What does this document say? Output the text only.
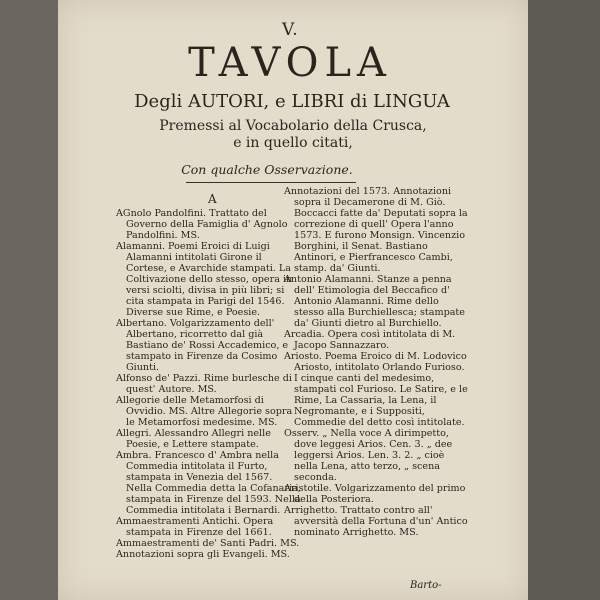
V.
TAVOLA
Degli AUTORI, e LIBRI di LINGUA
Premessi al Vocabolario della Crusca,
e in quello citati,
Con qualche Osservazione.
A

AGnolo Pandolfini. Trattato del Governo della Famiglia d' Agnolo Pandolfini. MS.

Alamanni. Poemi Eroici di Luigi Alamanni intitolati Girone il Cortese, e Avarchide stampati. La Coltivazione dello stesso, opera in versi sciolti, divisa in più libri; si cita stampata in Parigi del 1546. Diverse sue Rime, e Poesie.

Albertano. Volgarizzamento dell' Albertano, ricorretto dal già Bastiano de' Rossi Accademico, e stampato in Firenze da Cosimo Giunti.

Alfonso de' Pazzi. Rime burlesche di quest' Autore. MS.

Allegorie delle Metamorfosi di Ovvidio. MS. Altre Allegorie sopra le Metamorfosi medesime. MS.

Allegri. Alessandro Allegri nelle Poesie, e Lettere stampate.

Ambra. Francesco d' Ambra nella Commedia intitolata il Furto, stampata in Venezia del 1567. Nella Commedia detta la Cofanaria, stampata in Firenze del 1593. Nella Commedia intitolata i Bernardi.

Ammaestramenti Antichi. Opera stampata in Firenze del 1661.

Ammaestramenti de' Santi Padri. MS.

Annotazioni sopra gli Evangeli. MS.

Annotazioni del 1573. Annotazioni sopra il Decamerone di M. Giò. Boccacci fatte da' Deputati sopra la correzione di quell' Opera l'anno 1573. E furono Monsign. Vincenzio Borghini, il Senat. Bastiano Antinori, e Pierfrancesco Cambi, stamp. da' Giunti.

Antonio Alamanni. Stanze a penna dell' Etimologia del Beccafico d' Antonio Alamanni. Rime dello stesso alla Burchiellesca; stampate da' Giunti dietro al Burchiello.

Arcadia. Opera così intitolata di M. Jacopo Sannazzaro.

Ariosto. Poema Eroico di M. Lodovico Ariosto, intitolato Orlando Furioso. I cinque canti del medesimo, stampati col Furioso. Le Satire, e le Rime, La Cassaria, la Lena, il Negromante, e i Suppositi, Commedie del detto così intitolate.

Osserv. „ Nella voce A dirimpetto, dove leggesi Arios. Cen. 3. „ dee leggersi Arios. Len. 3. 2. „ cioè nella Lena, atto terzo, „ scena seconda.

Aristotile. Volgarizzamento del primo della Posteriora.

Arrighetto. Trattato contro all' avversità della Fortuna d'un' Antico nominato Arrighetto. MS.

Barto-
